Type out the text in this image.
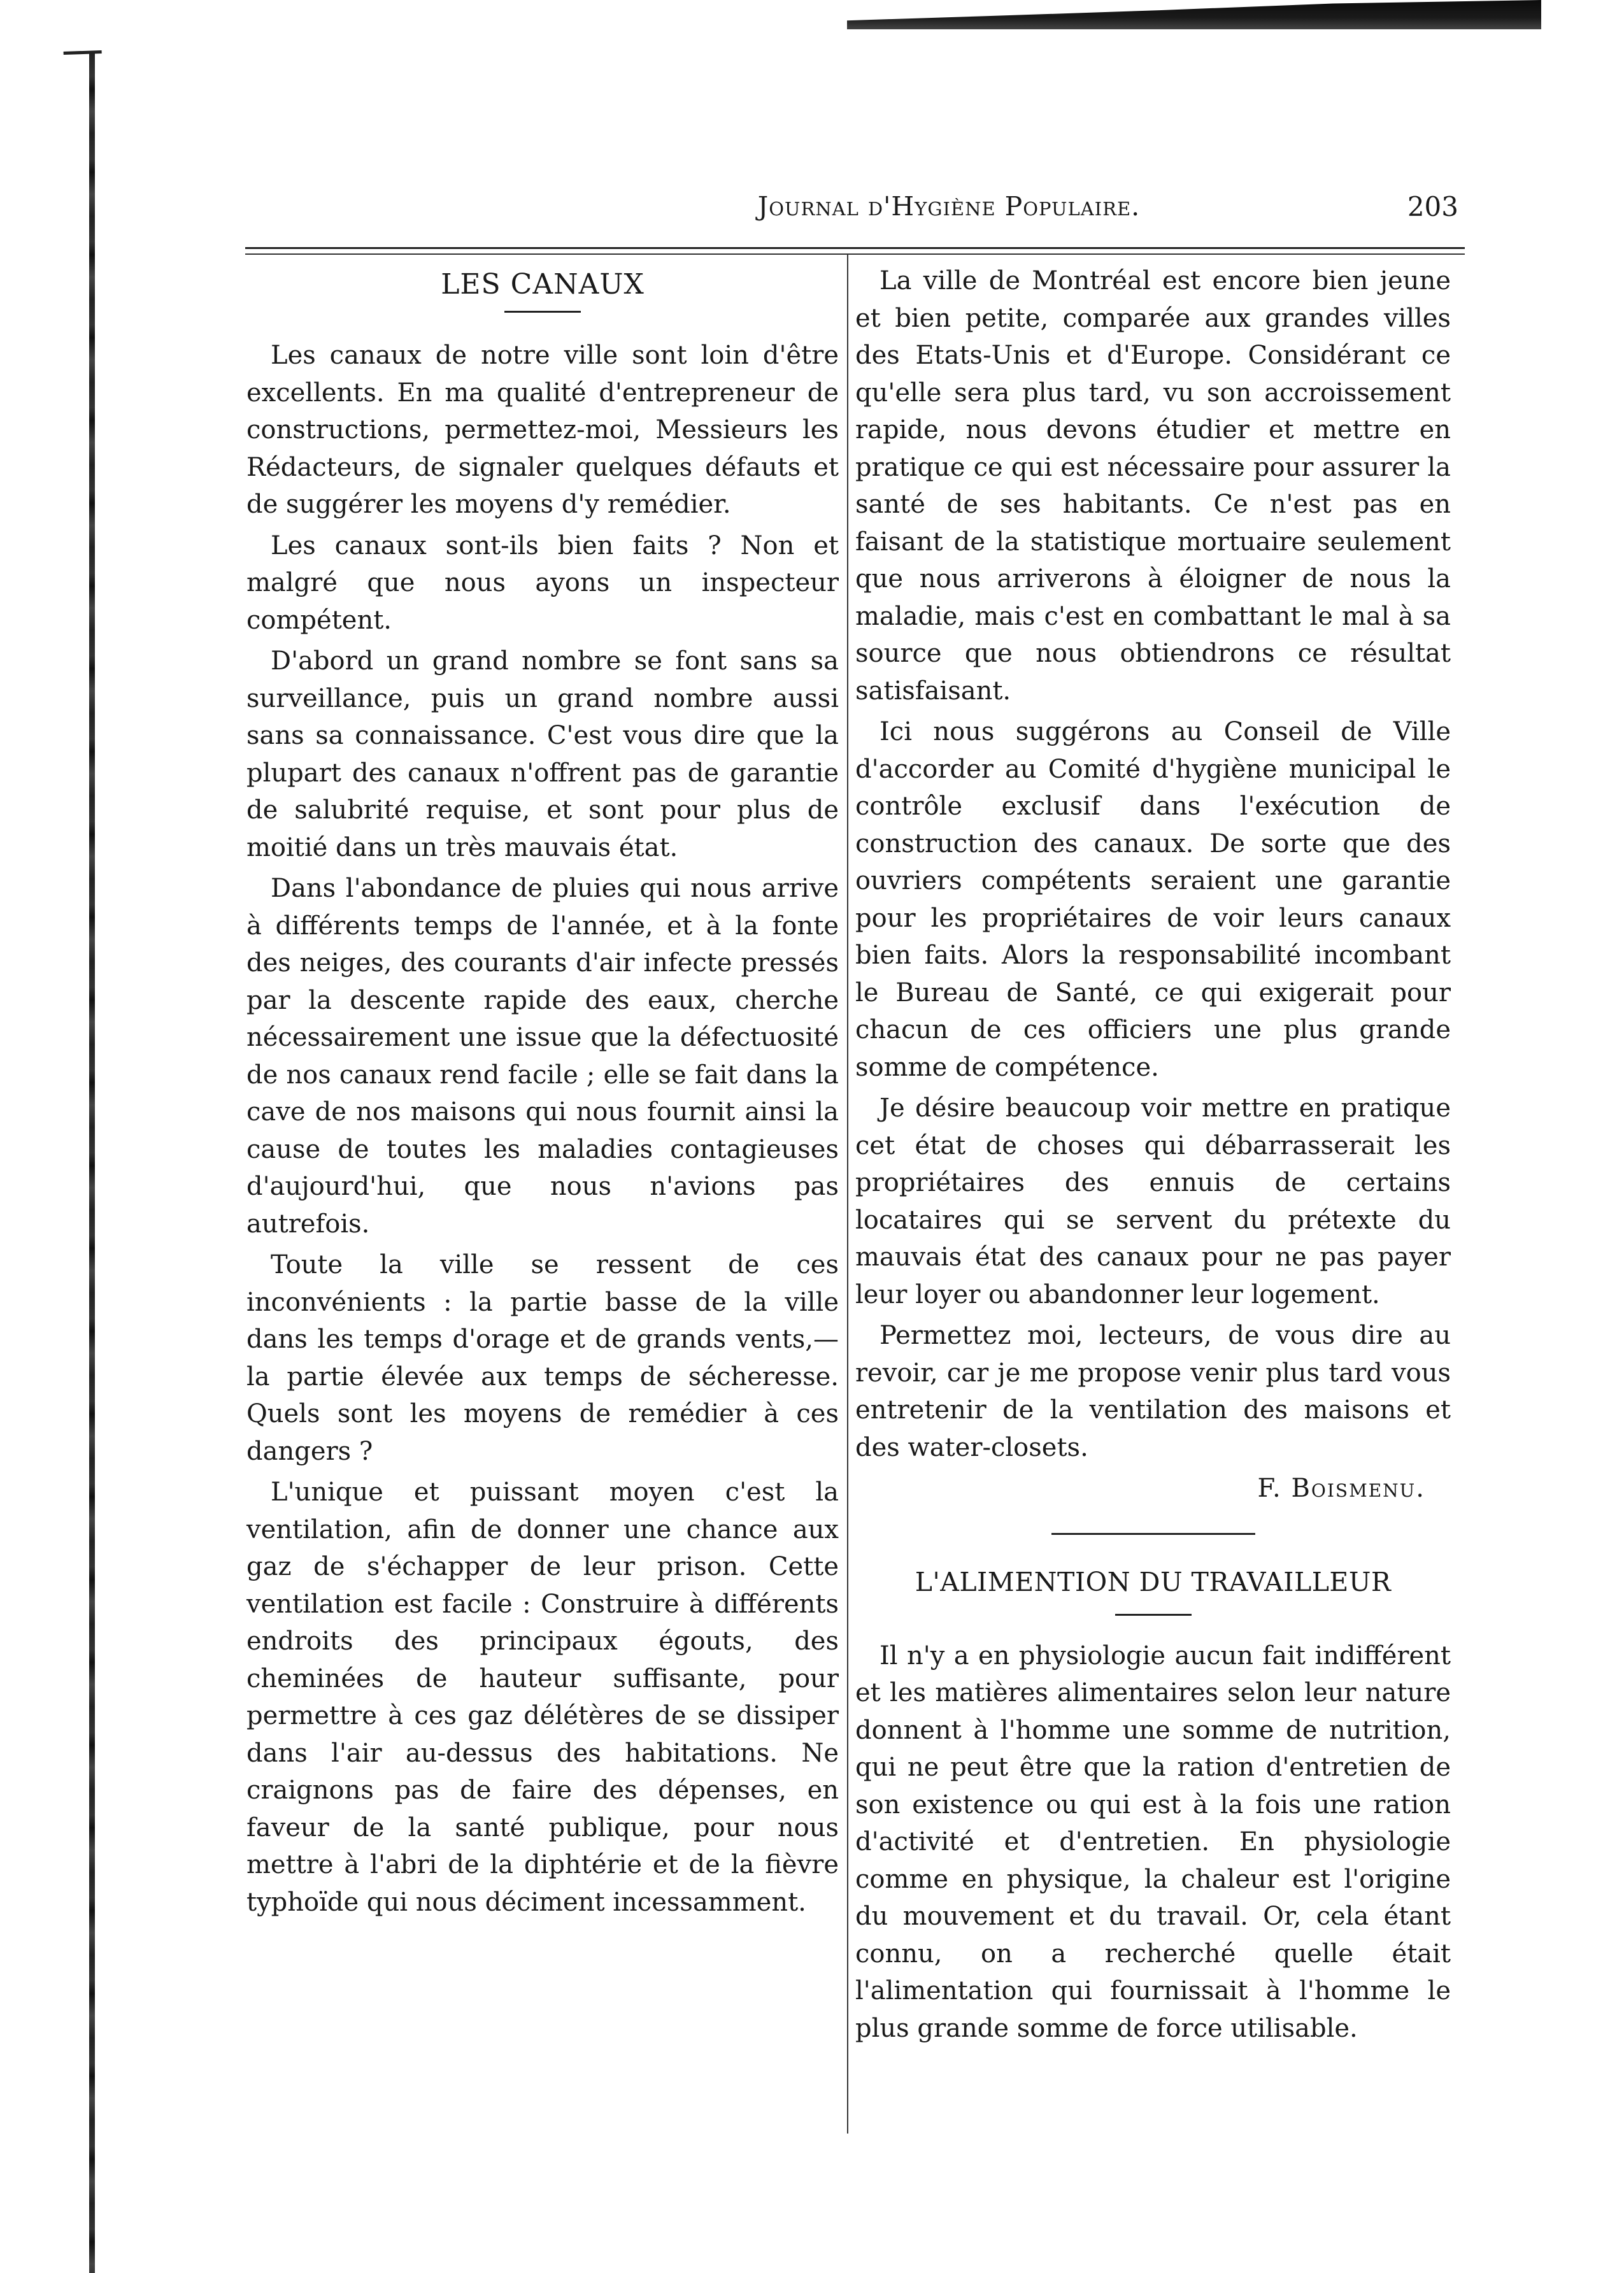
Journal d'Hygiène Populaire.	203
LES CANAUX

Les canaux de notre ville sont loin d'être excellents. En ma qualité d'entrepreneur de constructions, permettez-moi, Messieurs les Rédacteurs, de signaler quelques défauts et de suggérer les moyens d'y remédier.

Les canaux sont-ils bien faits ? Non et malgré que nous ayons un inspecteur compétent.

D'abord un grand nombre se font sans sa surveillance, puis un grand nombre aussi sans sa connaissance. C'est vous dire que la plupart des canaux n'offrent pas de garantie de salubrité requise, et sont pour plus de moitié dans un très mauvais état.

Dans l'abondance de pluies qui nous arrive à différents temps de l'année, et à la fonte des neiges, des courants d'air infecte pressés par la descente rapide des eaux, cherche nécessairement une issue que la défectuosité de nos canaux rend facile ; elle se fait dans la cave de nos maisons qui nous fournit ainsi la cause de toutes les maladies contagieuses d'aujourd'hui, que nous n'avions pas autrefois.

Toute la ville se ressent de ces inconvénients : la partie basse de la ville dans les temps d'orage et de grands vents,—la partie élevée aux temps de sécheresse. Quels sont les moyens de remédier à ces dangers ?

L'unique et puissant moyen c'est la ventilation, afin de donner une chance aux gaz de s'échapper de leur prison. Cette ventilation est facile : Construire à différents endroits des principaux égouts, des cheminées de hauteur suffisante, pour permettre à ces gaz délétères de se dissiper dans l'air au-dessus des habitations. Ne craignons pas de faire des dépenses, en faveur de la santé publique, pour nous mettre à l'abri de la diphtérie et de la fièvre typhoïde qui nous déciment incessamment.

La ville de Montréal est encore bien jeune et bien petite, comparée aux grandes villes des Etats-Unis et d'Europe. Considérant ce qu'elle sera plus tard, vu son accroissement rapide, nous devons étudier et mettre en pratique ce qui est nécessaire pour assurer la santé de ses habitants. Ce n'est pas en faisant de la statistique mortuaire seulement que nous arriverons à éloigner de nous la maladie, mais c'est en combattant le mal à sa source que nous obtiendrons ce résultat satisfaisant.

Ici nous suggérons au Conseil de Ville d'accorder au Comité d'hygiène municipal le contrôle exclusif dans l'exécution de construction des canaux. De sorte que des ouvriers compétents seraient une garantie pour les propriétaires de voir leurs canaux bien faits. Alors la responsabilité incombant le Bureau de Santé, ce qui exigerait pour chacun de ces officiers une plus grande somme de compétence.

Je désire beaucoup voir mettre en pratique cet état de choses qui débarrasserait les propriétaires des ennuis de certains locataires qui se servent du prétexte du mauvais état des canaux pour ne pas payer leur loyer ou abandonner leur logement.

Permettez moi, lecteurs, de vous dire au revoir, car je me propose venir plus tard vous entretenir de la ventilation des maisons et des water-closets.

F. Boismenu.
L'ALIMENTION DU TRAVAILLEUR

Il n'y a en physiologie aucun fait indifférent et les matières alimentaires selon leur nature donnent à l'homme une somme de nutrition, qui ne peut être que la ration d'entretien de son existence ou qui est à la fois une ration d'activité et d'entretien. En physiologie comme en physique, la chaleur est l'origine du mouvement et du travail. Or, cela étant connu, on a recherché quelle était l'alimentation qui fournissait à l'homme le plus grande somme de force utilisable.
